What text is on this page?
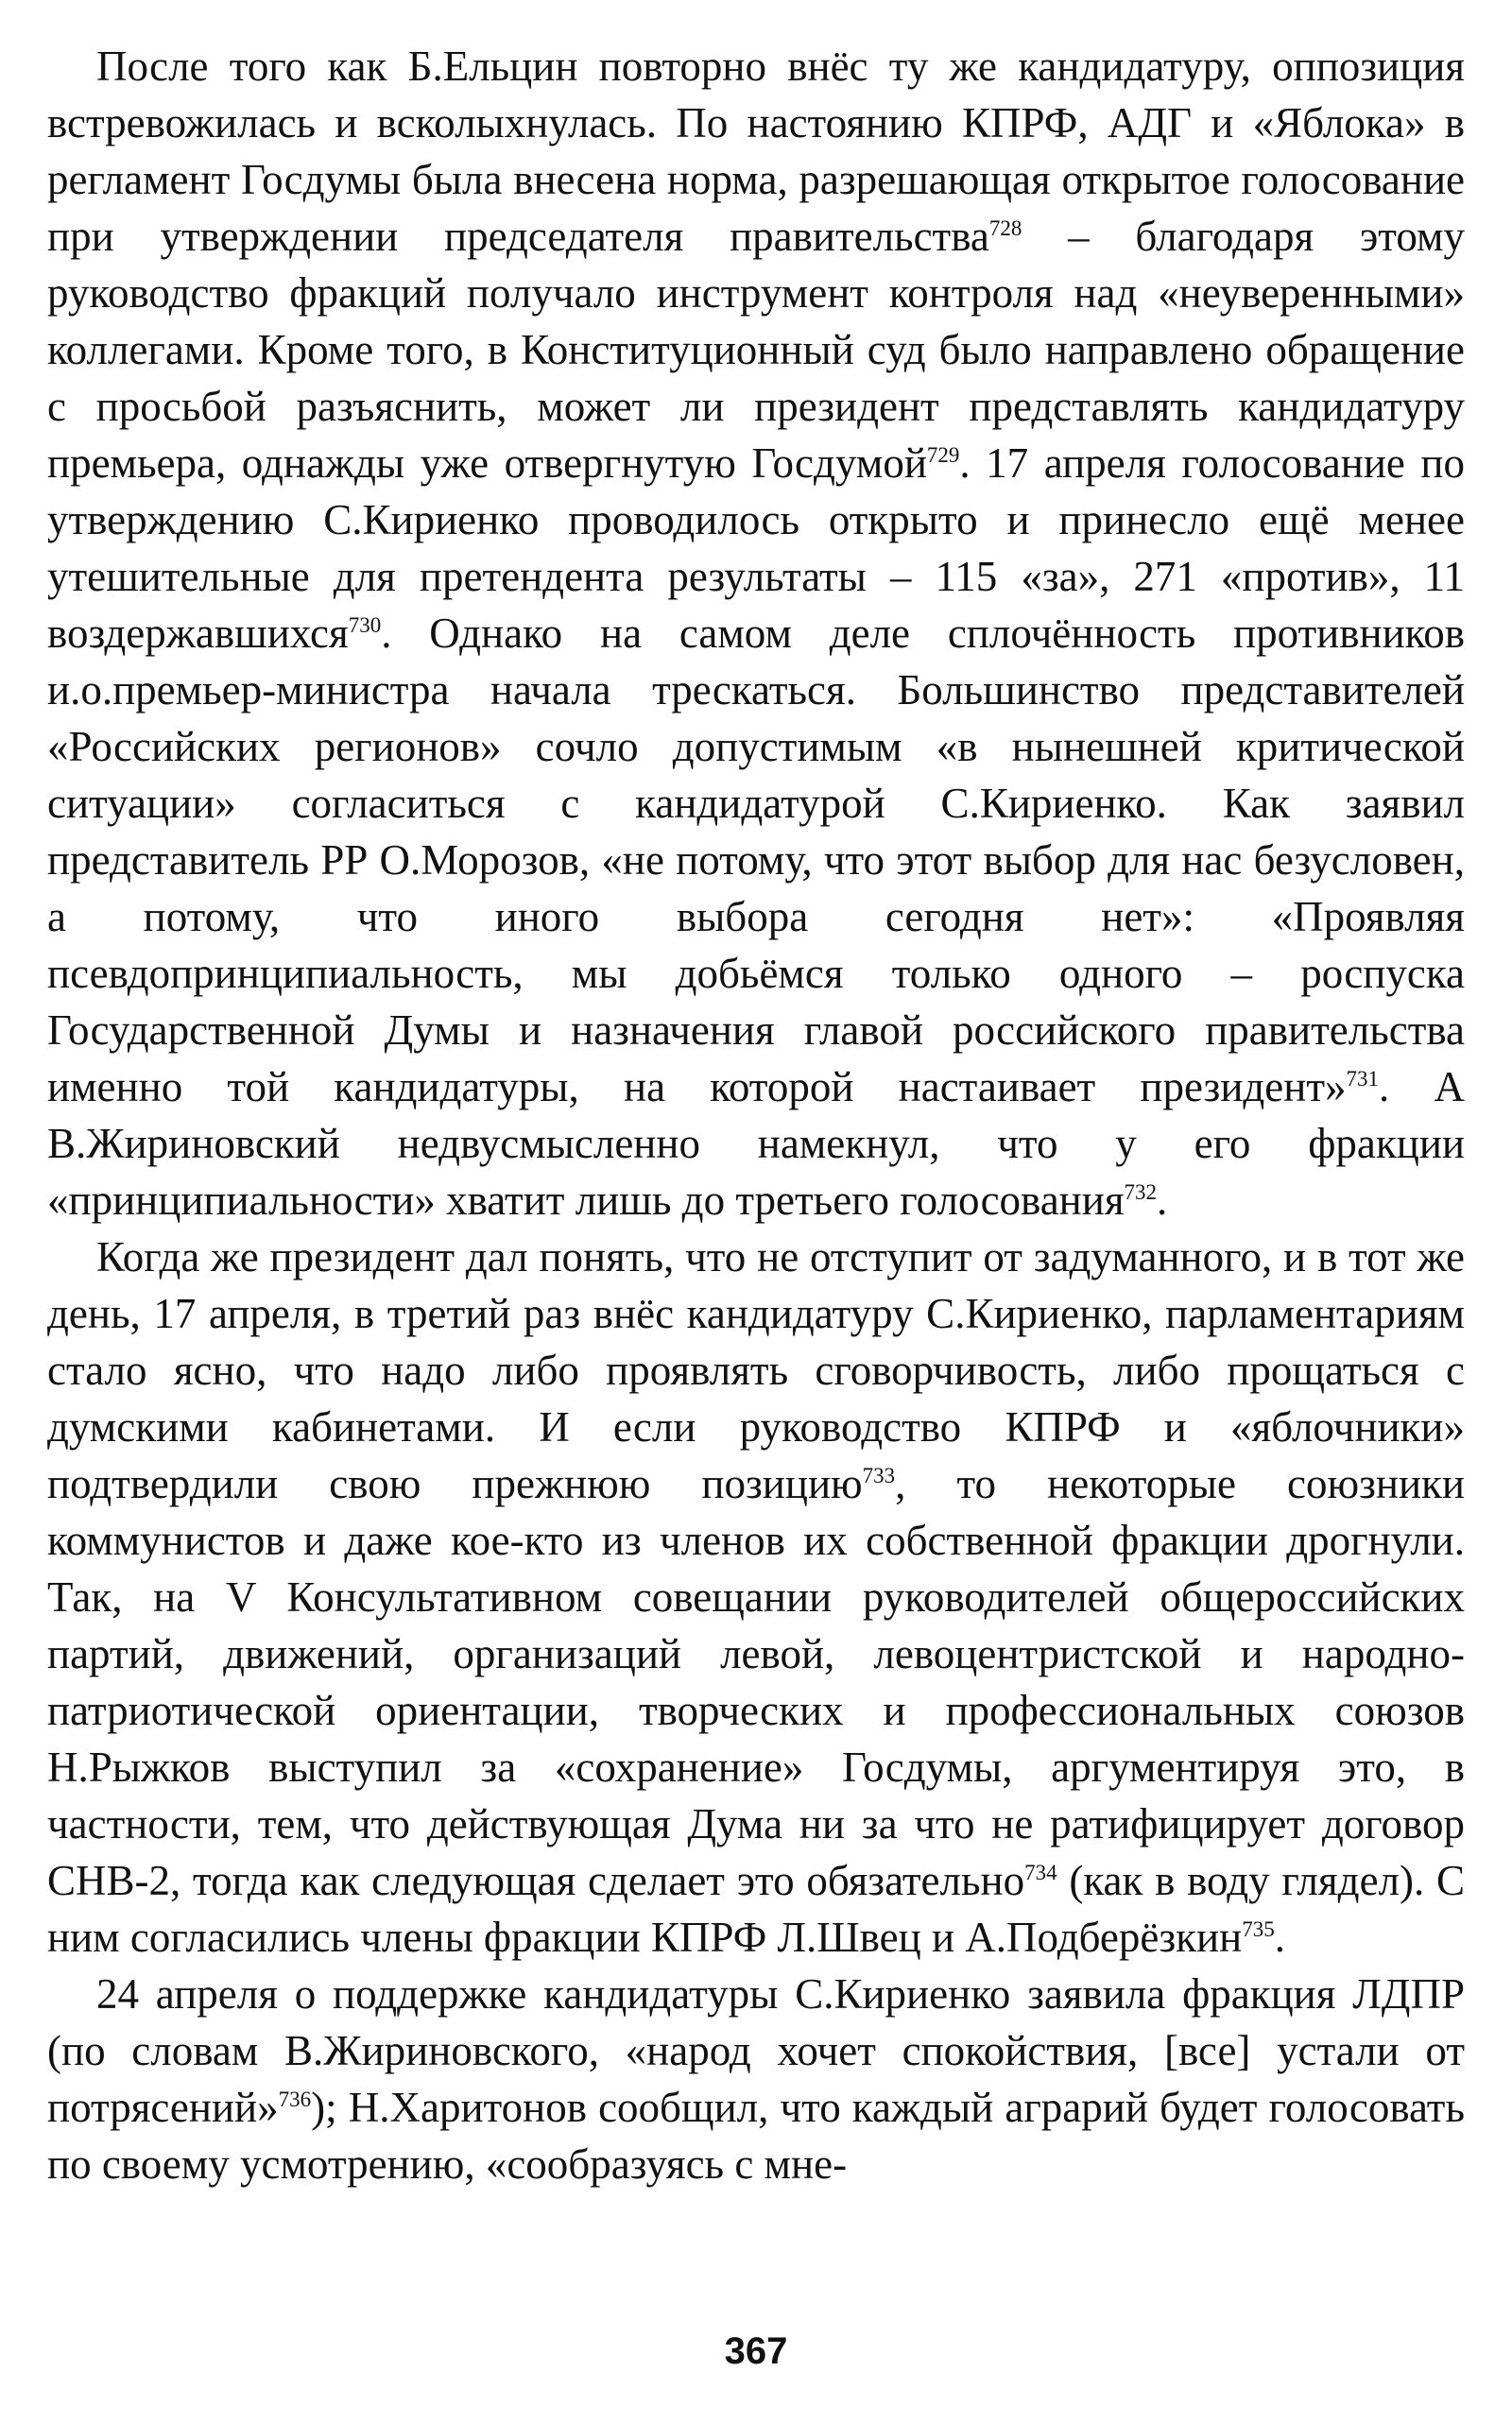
После того как Б.Ельцин повторно внёс ту же кандидатуру, оппозиция встревожилась и всколыхнулась. По настоянию КПРФ, АДГ и «Яблока» в регламент Госдумы была внесена норма, разрешающая открытое голосование при утверждении председателя правительства$^{728}$ – благодаря этому руководство фракций получало инструмент контроля над «неуверенными» коллегами. Кроме того, в Конституционный суд было направлено обращение с просьбой разъяснить, может ли президент представлять кандидатуру премьера, однажды уже отвергнутую Госдумой$^{729}$. 17 апреля голосование по утверждению С.Кириенко проводилось открыто и принесло ещё менее утешительные для претендента результаты – 115 «за», 271 «против», 11 воздержавшихся$^{730}$. Однако на самом деле сплочённость противников и.о.премьер-министра начала трескаться. Большинство представителей «Российских регионов» сочло допустимым «в нынешней критической ситуации» согласиться с кандидатурой С.Кириенко. Как заявил представитель РР О.Морозов, «не потому, что этот выбор для нас безусловен, а потому, что иного выбора сегодня нет»: «Проявляя псевдопринципиальность, мы добьёмся только одного – роспуска Государственной Думы и назначения главой российского правительства именно той кандидатуры, на которой настаивает президент»$^{731}$. А В.Жириновский недвусмысленно намекнул, что у его фракции «принципиальности» хватит лишь до третьего голосования$^{732}$.

Когда же президент дал понять, что не отступит от задуманного, и в тот же день, 17 апреля, в третий раз внёс кандидатуру С.Кириенко, парламентариям стало ясно, что надо либо проявлять сговорчивость, либо прощаться с думскими кабинетами. И если руководство КПРФ и «яблочники» подтвердили свою прежнюю позицию$^{733}$, то некоторые союзники коммунистов и даже кое-кто из членов их собственной фракции дрогнули. Так, на V Консультативном совещании руководителей общероссийских партий, движений, организаций левой, левоцентристской и народно-патриотической ориентации, творческих и профессиональных союзов Н.Рыжков выступил за «сохранение» Госдумы, аргументируя это, в частности, тем, что действующая Дума ни за что не ратифицирует договор СНВ-2, тогда как следующая сделает это обязательно$^{734}$ (как в воду глядел). С ним согласились члены фракции КПРФ Л.Швец и А.Подберёзкин$^{735}$.

24 апреля о поддержке кандидатуры С.Кириенко заявила фракция ЛДПР (по словам В.Жириновского, «народ хочет спокойствия, [все] устали от потрясений»$^{736}$); Н.Харитонов сообщил, что каждый аграрий будет голосовать по своему усмотрению, «сообразуясь с мне-

367
